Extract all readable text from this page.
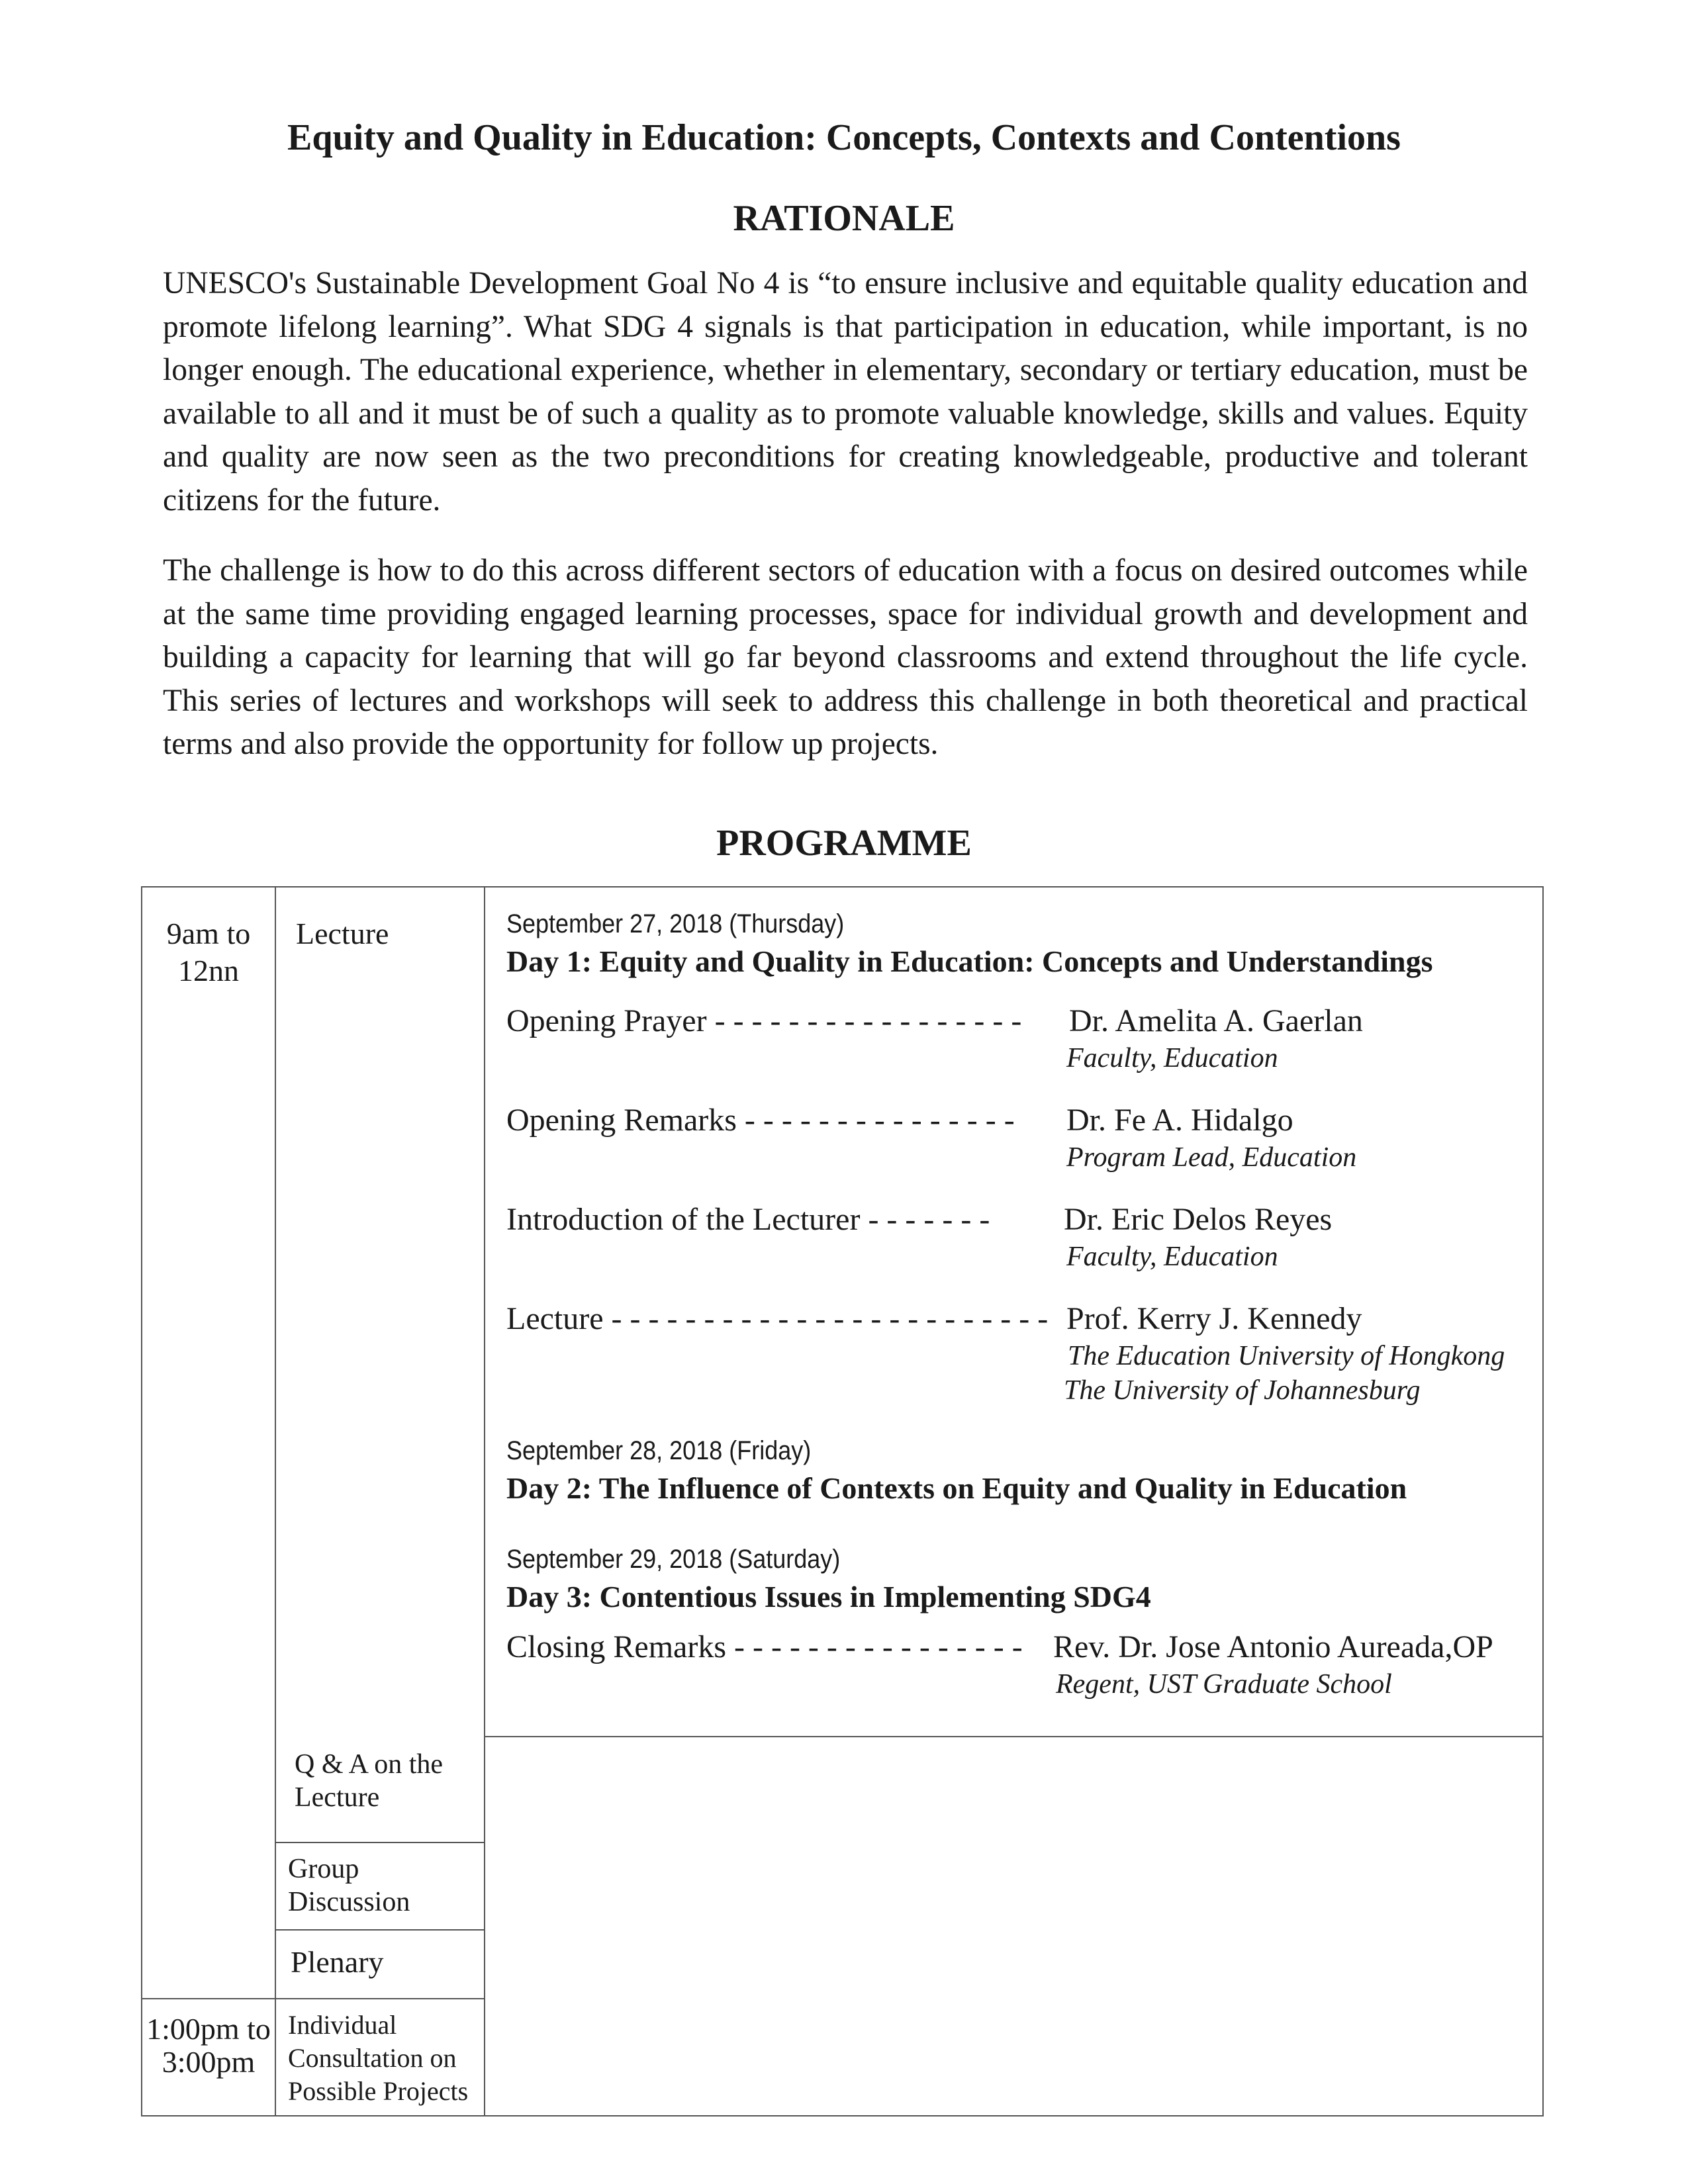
Equity and Quality in Education: Concepts, Contexts and Contentions
RATIONALE

UNESCO's Sustainable Development Goal No 4 is “to ensure inclusive and equitable quality education and promote lifelong learning”. What SDG 4 signals is that participation in education, while important, is no longer enough. The educational experience, whether in elementary, secondary or tertiary education, must be available to all and it must be of such a quality as to promote valuable knowledge, skills and values. Equity and quality are now seen as the two preconditions for creating knowledgeable, productive and tolerant citizens for the future.

The challenge is how to do this across different sectors of education with a focus on desired outcomes while at the same time providing engaged learning processes, space for individual growth and development and building a capacity for learning that will go far beyond classrooms and extend throughout the life cycle. This series of lectures and workshops will seek to address this challenge in both theoretical and practical terms and also provide the opportunity for follow up projects.

PROGRAMME

9am to 12nn

1:00pm to 3:00pm

Lecture

Q & A on the Lecture

Group Discussion

Plenary

Individual Consultation on Possible Projects

September 27, 2018 (Thursday)

Day 1: Equity and Quality in Education: Concepts and Understandings

Opening Prayer - - - - - - - - - - - - - - - - - Dr. Amelita A. Gaerlan

Faculty, Education

Opening Remarks - - - - - - - - - - - - - - - Dr. Fe A. Hidalgo

Program Lead, Education

Introduction of the Lecturer - - - - - - - Dr. Eric Delos Reyes

Faculty, Education

Lecture - - - - - - - - - - - - - - - - - - - - - - - - Prof. Kerry J. Kennedy

The Education University of Hongkong

The University of Johannesburg

September 28, 2018 (Friday)

Day 2: The Influence of Contexts on Equity and Quality in Education

September 29, 2018 (Saturday)

Day 3: Contentious Issues in Implementing SDG4

Closing Remarks - - - - - - - - - - - - - - - - Rev. Dr. Jose Antonio Aureada,OP

Regent, UST Graduate School
